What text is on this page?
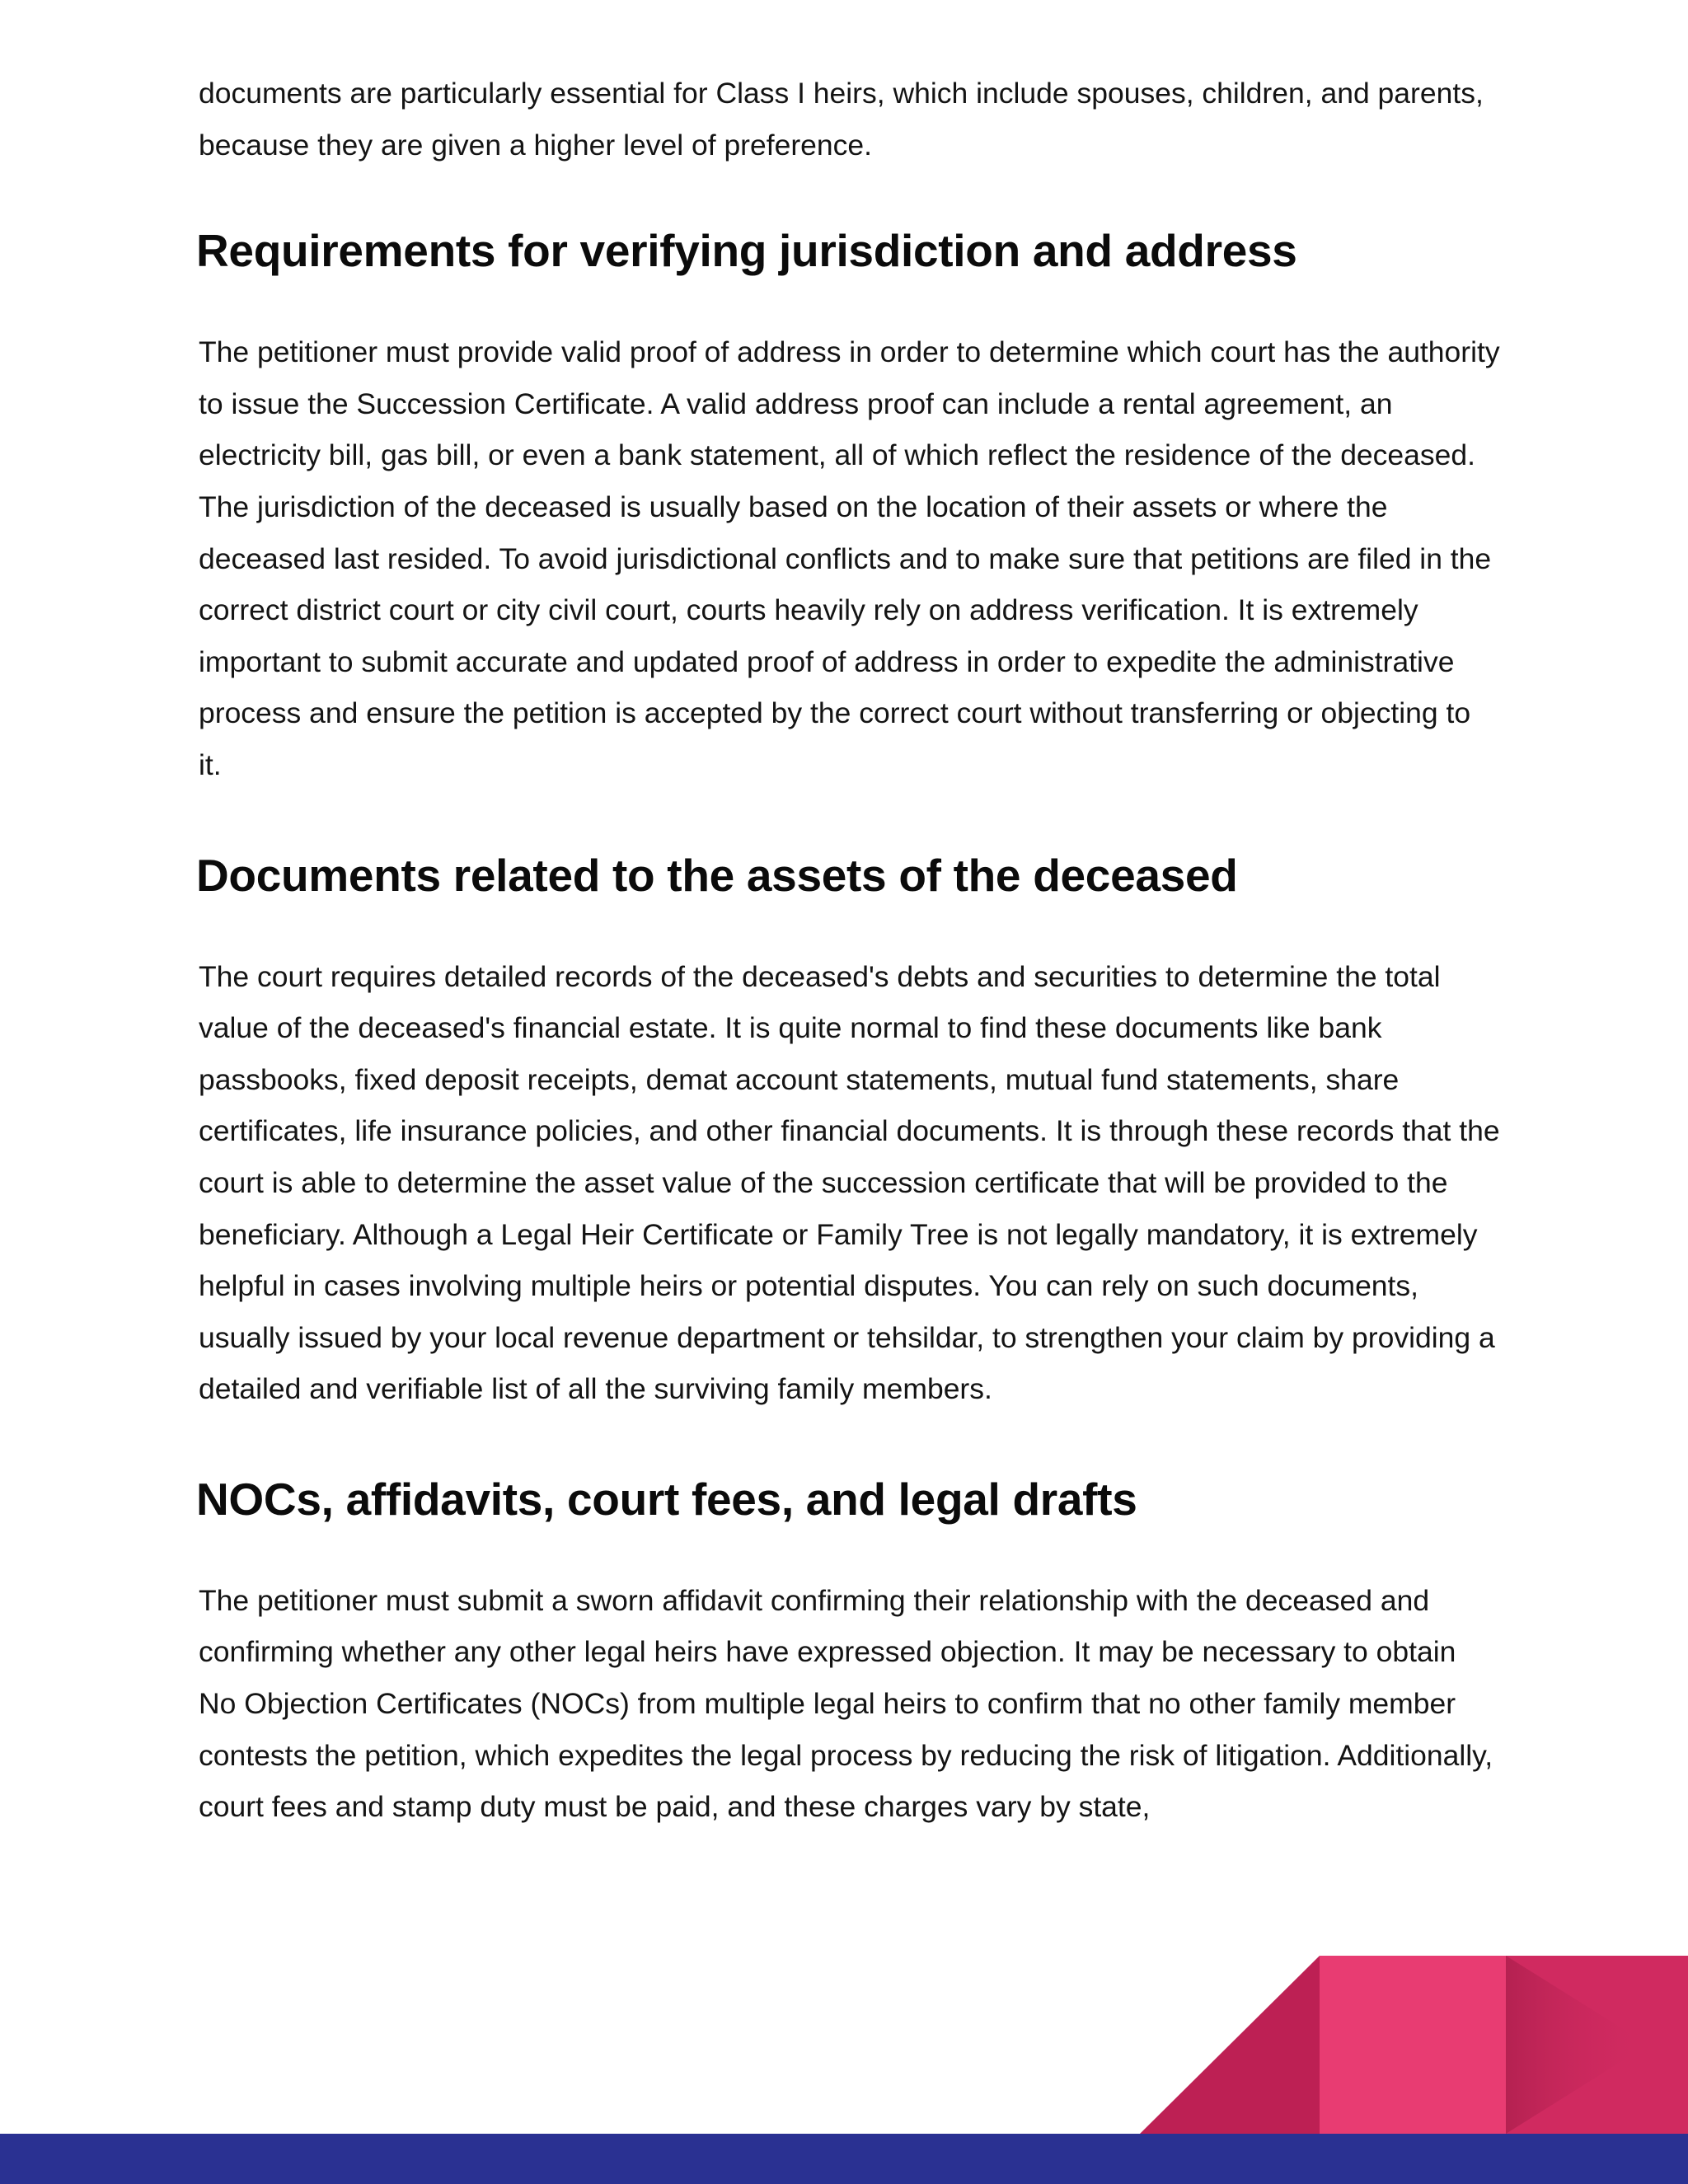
documents are particularly essential for Class I heirs, which include spouses, children, and parents, because they are given a higher level of preference.

Requirements for verifying jurisdiction and address

The petitioner must provide valid proof of address in order to determine which court has the authority to issue the Succession Certificate. A valid address proof can include a rental agreement, an electricity bill, gas bill, or even a bank statement, all of which reflect the residence of the deceased. The jurisdiction of the deceased is usually based on the location of their assets or where the deceased last resided. To avoid jurisdictional conflicts and to make sure that petitions are filed in the correct district court or city civil court, courts heavily rely on address verification. It is extremely important to submit accurate and updated proof of address in order to expedite the administrative process and ensure the petition is accepted by the correct court without transferring or objecting to it.

Documents related to the assets of the deceased

The court requires detailed records of the deceased's debts and securities to determine the total value of the deceased's financial estate. It is quite normal to find these documents like bank passbooks, fixed deposit receipts, demat account statements, mutual fund statements, share certificates, life insurance policies, and other financial documents. It is through these records that the court is able to determine the asset value of the succession certificate that will be provided to the beneficiary. Although a Legal Heir Certificate or Family Tree is not legally mandatory, it is extremely helpful in cases involving multiple heirs or potential disputes. You can rely on such documents, usually issued by your local revenue department or tehsildar, to strengthen your claim by providing a detailed and verifiable list of all the surviving family members.

NOCs, affidavits, court fees, and legal drafts

The petitioner must submit a sworn affidavit confirming their relationship with the deceased and confirming whether any other legal heirs have expressed objection. It may be necessary to obtain No Objection Certificates (NOCs) from multiple legal heirs to confirm that no other family member contests the petition, which expedites the legal process by reducing the risk of litigation. Additionally, court fees and stamp duty must be paid, and these charges vary by state,
